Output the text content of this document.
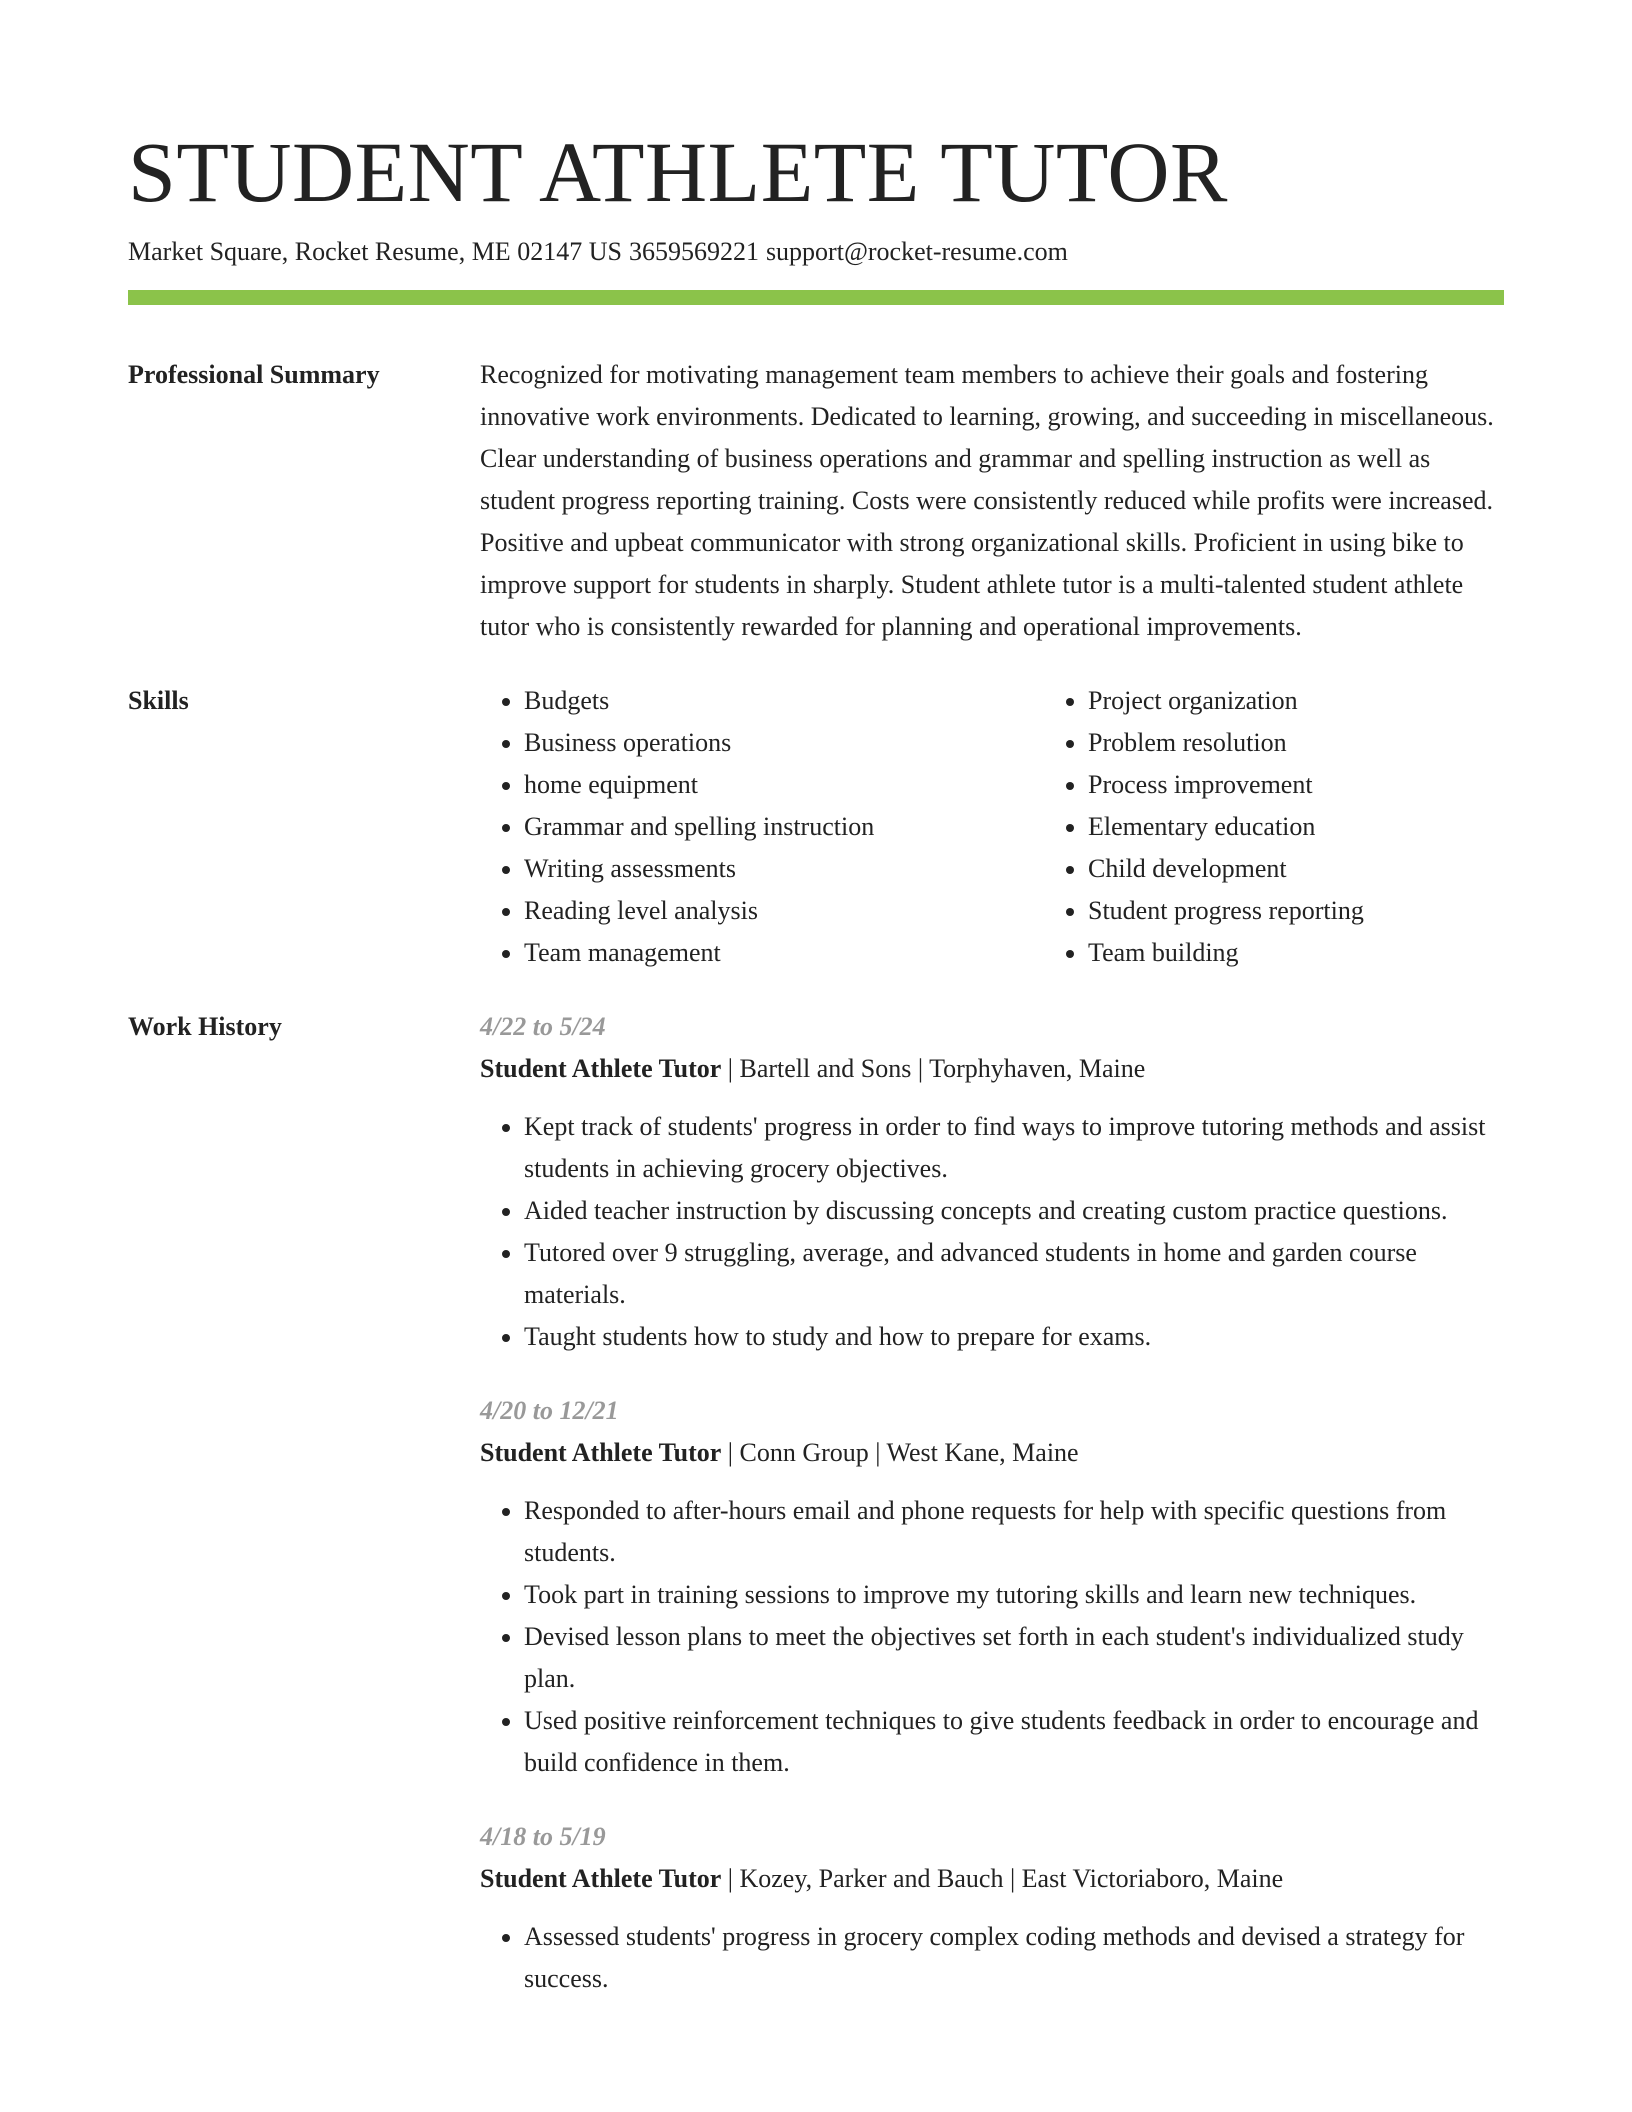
STUDENT ATHLETE TUTOR
Market Square, Rocket Resume, ME 02147 US 3659569221 support@rocket-resume.com
Professional Summary	Recognized for motivating management team members to achieve their goals and fostering innovative work environments. Dedicated to learning, growing, and succeeding in miscellaneous. Clear understanding of business operations and grammar and spelling instruction as well as student progress reporting training. Costs were consistently reduced while profits were increased. Positive and upbeat communicator with strong organizational skills. Proficient in using bike to improve support for students in sharply. Student athlete tutor is a multi-talented student athlete tutor who is consistently rewarded for planning and operational improvements.

Skills
•	Budgets
• Business operations
• home equipment
• Grammar and spelling instruction
• Writing assessments
• Reading level analysis
• Team management
• Project organization
• Problem resolution
• Process improvement
• Elementary education
• Child development
• Student progress reporting
• Team building
Work History	4/22 to 5/24
Student Athlete Tutor | Bartell and Sons | Torphyhaven, Maine
• Kept track of students' progress in order to find ways to improve tutoring methods and assist students in achieving grocery objectives.
• Aided teacher instruction by discussing concepts and creating custom practice questions.
• Tutored over 9 struggling, average, and advanced students in home and garden course materials.
• Taught students how to study and how to prepare for exams.
4/20 to 12/21
Student Athlete Tutor | Conn Group | West Kane, Maine
• Responded to after-hours email and phone requests for help with specific questions from students.
• Took part in training sessions to improve my tutoring skills and learn new techniques.
• Devised lesson plans to meet the objectives set forth in each student's individualized study plan.
• Used positive reinforcement techniques to give students feedback in order to encourage and build confidence in them.
4/18 to 5/19
Student Athlete Tutor | Kozey, Parker and Bauch | East Victoriaboro, Maine
• Assessed students' progress in grocery complex coding methods and devised a strategy for success.
